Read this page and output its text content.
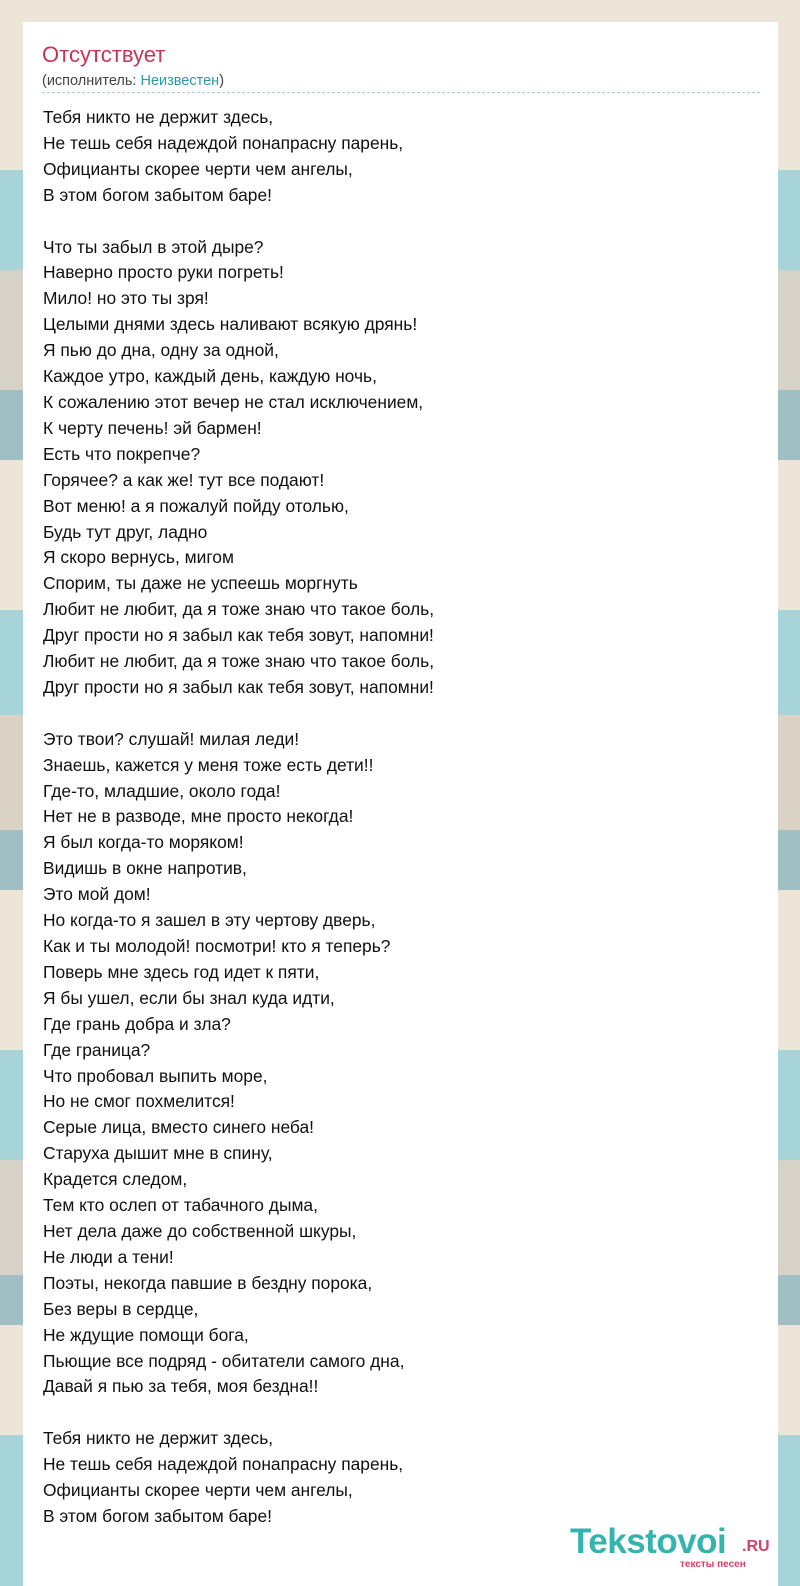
Отсутствует
(исполнитель: Неизвестен)
Тебя никто не держит здесь,
Не тешь себя надеждой понапрасну парень,
Официанты скорее черти чем ангелы,
В этом богом забытом баре!

Что ты забыл в этой дыре?
Наверно просто руки погреть!
Мило! но это ты зря!
Целыми днями здесь наливают всякую дрянь!
Я пью до дна, одну за одной,
Каждое утро, каждый день, каждую ночь,
К сожалению этот вечер не стал исключением,
К черту печень! эй бармен!
Есть что покрепче?
Горячее? а как же! тут все подают!
Вот меню! а я пожалуй пойду отолью,
Будь тут друг, ладно
Я скоро вернусь, мигом
Спорим, ты даже не успеешь моргнуть
Любит не любит, да я тоже знаю что такое боль,
Друг прости но я забыл как тебя зовут, напомни!
Любит не любит, да я тоже знаю что такое боль,
Друг прости но я забыл как тебя зовут, напомни!

Это твои? слушай! милая леди!
Знаешь, кажется у меня тоже есть дети!!
Где-то, младшие, около года!
Нет не в разводе, мне просто некогда!
Я был когда-то моряком!
Видишь в окне напротив,
Это мой дом!
Но когда-то я зашел в эту чертову дверь,
Как и ты молодой! посмотри! кто я теперь?
Поверь мне здесь год идет к пяти,
Я бы ушел, если бы знал куда идти,
Где грань добра и зла?
Где граница?
Что пробовал выпить море,
Но не смог похмелится!
Серые лица, вместо синего неба!
Старуха дышит мне в спину,
Крадется следом,
Тем кто ослеп от табачного дыма,
Нет дела даже до собственной шкуры,
Не люди а тени!
Поэты, некогда павшие в бездну порока,
Без веры в сердце,
Не ждущие помощи бога,
Пьющие все подряд - обитатели самого дна,
Давай я пью за тебя, моя бездна!!

Тебя никто не держит здесь,
Не тешь себя надеждой понапрасну парень,
Официанты скорее черти чем ангелы,
В этом богом забытом баре!
Tekstovoi .RU
тексты песен
